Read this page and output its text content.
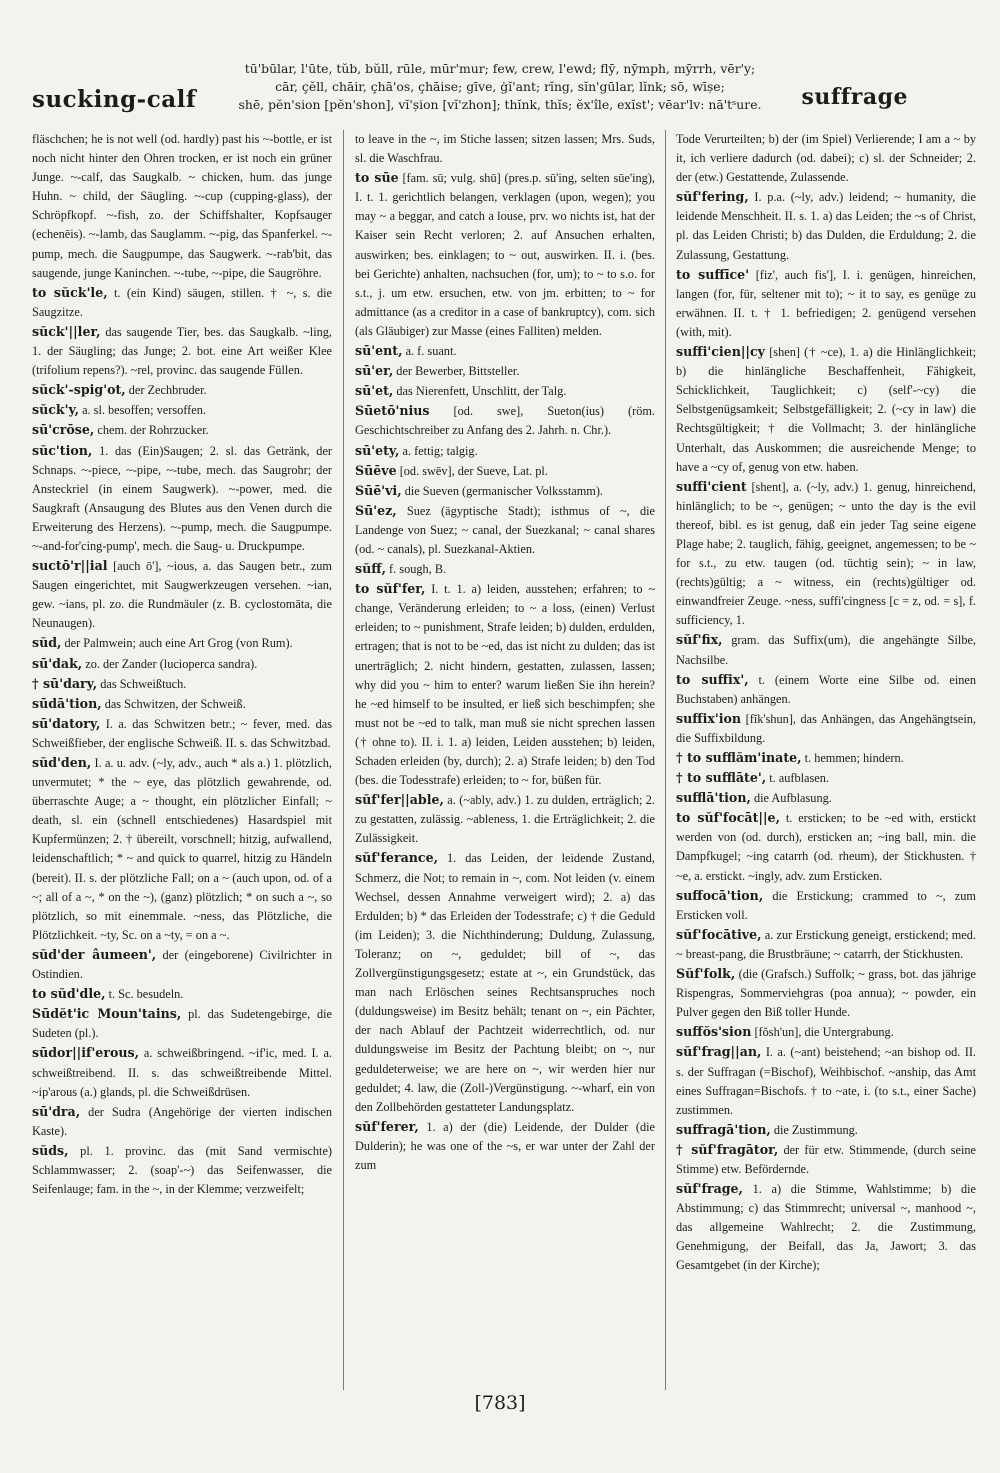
sucking-calf
tū'būlar, l'ūte, tŭb, bŭll, rūle, mūr'mur; few, crew, l'ewd; flȳ, nȳmph, mȳrrh, vēr'y;
cār, çĕll, chāir, çhā'os, çhāise; gīve, ġĭ'ant; rĭng, sĭn'gūlar, lĭnk; sō, wīșe;
shē, pĕn'sion [pĕn'shon], vĭ'șion [vĭ'zhon]; thĭnk, thĭs; ĕx'île, exĭst'; vēar'lv: nā'tˢure.	suffrage

fläschchen; he is not well (od. hardly) past his ~-bottle, er ist noch nicht hinter den Ohren trocken, er ist noch ein grüner Junge. ~-calf, das Saugkalb. ~ chicken, hum. das junge Huhn. ~ child, der Säugling. ~-cup (cupping-glass), der Schröpfkopf. ~-fish, zo. der Schiffshalter, Kopfsauger (echenēis). ~-lamb, das Sauglamm. ~-pig, das Spanferkel. ~-pump, mech. die Saugpumpe, das Saugwerk. ~-rab'bit, das saugende, junge Kaninchen. ~-tube, ~-pipe, die Saugröhre.

to sŭck'le, t. (ein Kind) säugen, stillen. † ~, s. die Saugzitze.

sŭck'||ler, das saugende Tier, bes. das Saugkalb. ~ling, 1. der Säugling; das Junge; 2. bot. eine Art weißer Klee (trifolium repens?). ~rel, provinc. das saugende Füllen.

sŭck'-spig'ot, der Zechbruder.

sŭck'y, a. sl. besoffen; versoffen.

sū'crōse, chem. der Rohrzucker.

sŭc'tion, 1. das (Ein)Saugen; 2. sl. das Getränk, der Schnaps. ~-piece, ~-pipe, ~-tube, mech. das Saugrohr; der Ansteckriel (in einem Saugwerk). ~-power, med. die Saugkraft (Ansaugung des Blutes aus den Venen durch die Erweiterung des Herzens). ~-pump, mech. die Saugpumpe. ~-and-for'cing-pump', mech. die Saug- u. Druckpumpe.

suctō'r||ial [auch ō'], ~ious, a. das Saugen betr., zum Saugen eingerichtet, mit Saugwerkzeugen versehen. ~ian, gew. ~ians, pl. zo. die Rundmäuler (z. B. cyclostomāta, die Neunaugen).

sŭd, der Palmwein; auch eine Art Grog (von Rum).

sū'dak, zo. der Zander (lucioperca sandra).

† sū'dary, das Schweißtuch.

sūdā'tion, das Schwitzen, der Schweiß.

sū'datory, I. a. das Schwitzen betr.; ~ fever, med. das Schweißfieber, der englische Schweiß. II. s. das Schwitzbad.

sŭd'den, I. a. u. adv. (~ly, adv., auch * als a.) 1. plötzlich, unvermutet; * the ~ eye, das plötzlich gewahrende, od. überraschte Auge; a ~ thought, ein plötzlicher Einfall; ~ death, sl. ein (schnell entschiedenes) Hasardspiel mit Kupfermünzen; 2. † übereilt, vorschnell; hitzig, aufwallend, leidenschaftlich; * ~ and quick to quarrel, hitzig zu Händeln (bereit). II. s. der plötzliche Fall; on a ~ (auch upon, od. of a ~; all of a ~, * on the ~), (ganz) plötzlich; * on such a ~, so plötzlich, so mit einemmale. ~ness, das Plötzliche, die Plötzlichkeit. ~ty, Sc. on a ~ty, = on a ~.

sŭd'der âumeen', der (eingeborene) Civilrichter in Ostindien.

to sŭd'dle, t. Sc. besudeln.

Sūdĕt'ic Moun'tains, pl. das Sudetengebirge, die Sudeten (pl.).

sūdor||if'erous, a. schweißbringend. ~if'ic, med. I. a. schweißtreibend. II. s. das schweißtreibende Mittel. ~ip'arous (a.) glands, pl. die Schweißdrüsen.

sū'dra, der Sudra (Angehörige der vierten indischen Kaste).

sŭds, pl. 1. provinc. das (mit Sand vermischte) Schlammwasser; 2. (soap'-~) das Seifenwasser, die Seifenlauge; fam. in the ~, in der Klemme; verzweifelt;

to leave in the ~, im Stiche lassen; sitzen lassen; Mrs. Suds, sl. die Waschfrau.

to sūe [fam. sū; vulg. shū] (pres.p. sū'ing, selten sūe'ing), I. t. 1. gerichtlich belangen, verklagen (upon, wegen); you may ~ a beggar, and catch a louse, prv. wo nichts ist, hat der Kaiser sein Recht verloren; 2. auf Ansuchen erhalten, auswirken; bes. einklagen; to ~ out, auswirken. II. i. (bes. bei Gerichte) anhalten, nachsuchen (for, um); to ~ to s.o. for s.t., j. um etw. ersuchen, etw. von jm. erbitten; to ~ for admittance (as a creditor in a case of bankruptcy), com. sich (als Gläubiger) zur Masse (eines Falliten) melden.

sū'ent, a. f. suant.

sū'er, der Bewerber, Bittsteller.

sū'et, das Nierenfett, Unschlitt, der Talg.

Sūetō'nius [od. swe], Sueton(ius) (röm. Geschichtschreiber zu Anfang des 2. Jahrh. n. Chr.).

sū'ety, a. fettig; talgig.

Sūēve [od. swēv], der Sueve, Lat. pl.

Sūē'vi, die Sueven (germanischer Volksstamm).

Sū'ez, Suez (ägyptische Stadt); isthmus of ~, die Landenge von Suez; ~ canal, der Suezkanal; ~ canal shares (od. ~ canals), pl. Suezkanal-Aktien.

sŭff, f. sough, B.

to sŭf'fer, I. t. 1. a) leiden, ausstehen; erfahren; to ~ change, Veränderung erleiden; to ~ a loss, (einen) Verlust erleiden; to ~ punishment, Strafe leiden; b) dulden, erdulden, ertragen; that is not to be ~ed, das ist nicht zu dulden; das ist unerträglich; 2. nicht hindern, gestatten, zulassen, lassen; why did you ~ him to enter? warum ließen Sie ihn herein? he ~ed himself to be insulted, er ließ sich beschimpfen; she must not be ~ed to talk, man muß sie nicht sprechen lassen († ohne to). II. i. 1. a) leiden, Leiden ausstehen; b) leiden, Schaden erleiden (by, durch); 2. a) Strafe leiden; b) den Tod (bes. die Todesstrafe) erleiden; to ~ for, büßen für.

sŭf'fer||able, a. (~ably, adv.) 1. zu dulden, erträglich; 2. zu gestatten, zulässig. ~ableness, 1. die Erträglichkeit; 2. die Zulässigkeit.

sŭf'ferance, 1. das Leiden, der leidende Zustand, Schmerz, die Not; to remain in ~, com. Not leiden (v. einem Wechsel, dessen Annahme verweigert wird); 2. a) das Erdulden; b) * das Erleiden der Todesstrafe; c) † die Geduld (im Leiden); 3. die Nichthinderung; Duldung, Zulassung, Toleranz; on ~, geduldet; bill of ~, das Zollvergünstigungsgesetz; estate at ~, ein Grundstück, das man nach Erlöschen seines Rechtsanspruches noch (duldungsweise) im Besitz behält; tenant on ~, ein Pächter, der nach Ablauf der Pachtzeit widerrechtlich, od. nur duldungsweise im Besitz der Pachtung bleibt; on ~, nur geduldeterweise; we are here on ~, wir werden hier nur geduldet; 4. law, die (Zoll-)Vergünstigung. ~-wharf, ein von den Zollbehörden gestatteter Landungsplatz.

sŭf'ferer, 1. a) der (die) Leidende, der Dulder (die Dulderin); he was one of the ~s, er war unter der Zahl der zum

Tode Verurteilten; b) der (im Spiel) Verlierende; I am a ~ by it, ich verliere dadurch (od. dabei); c) sl. der Schneider; 2. der (etw.) Gestattende, Zulassende.

sŭf'fering, I. p.a. (~ly, adv.) leidend; ~ humanity, die leidende Menschheit. II. s. 1. a) das Leiden; the ~s of Christ, pl. das Leiden Christi; b) das Dulden, die Erduldung; 2. die Zulassung, Gestattung.

to suffīce' [fiz', auch fis'], I. i. genügen, hinreichen, langen (for, für, seltener mit to); ~ it to say, es genüge zu erwähnen. II. t. † 1. befriedigen; 2. genügend versehen (with, mit).

suffi'cien||cy [shen] († ~ce), 1. a) die Hinlänglichkeit; b) die hinlängliche Beschaffenheit, Fähigkeit, Schicklichkeit, Tauglichkeit; c) (self'-~cy) die Selbstgenügsamkeit; Selbstgefälligkeit; 2. (~cy in law) die Rechtsgültigkeit; † die Vollmacht; 3. der hinlängliche Unterhalt, das Auskommen; die ausreichende Menge; to have a ~cy of, genug von etw. haben.

suffi'cient [shent], a. (~ly, adv.) 1. genug, hinreichend, hinlänglich; to be ~, genügen; ~ unto the day is the evil thereof, bibl. es ist genug, daß ein jeder Tag seine eigene Plage habe; 2. tauglich, fähig, geeignet, angemessen; to be ~ for s.t., zu etw. taugen (od. tüchtig sein); ~ in law, (rechts)gültig; a ~ witness, ein (rechts)gültiger od. einwandfreier Zeuge. ~ness, suffi'cingness [c = z, od. = s], f. sufficiency, 1.

sŭf'fix, gram. das Suffix(um), die angehängte Silbe, Nachsilbe.

to suffix', t. (einem Worte eine Silbe od. einen Buchstaben) anhängen.

suffix'ion [fĭk'shun], das Anhängen, das Angehängtsein, die Suffixbildung.

† to sufflăm'inate, t. hemmen; hindern.

† to sufflāte', t. aufblasen.

sufflā'tion, die Aufblasung.

to sŭf'focāt||e, t. ersticken; to be ~ed with, erstickt werden von (od. durch), ersticken an; ~ing ball, min. die Dampfkugel; ~ing catarrh (od. rheum), der Stickhusten. † ~e, a. erstickt. ~ingly, adv. zum Ersticken.

suffocā'tion, die Erstickung; crammed to ~, zum Ersticken voll.

sŭf'focātive, a. zur Erstickung geneigt, erstickend; med. ~ breast-pang, die Brustbräune; ~ catarrh, der Stickhusten.

Sŭf'folk, (die (Grafsch.) Suffolk; ~ grass, bot. das jährige Rispengras, Sommerviehgras (poa annua); ~ powder, ein Pulver gegen den Biß toller Hunde.

suffŏs'sion [fŏsh'un], die Untergrabung.

sŭf'frag||an, I. a. (~ant) beistehend; ~an bishop od. II. s. der Suffragan (=Bischof), Weihbischof. ~anship, das Amt eines Suffragan=Bischofs. † to ~ate, i. (to s.t., einer Sache) zustimmen.

suffragā'tion, die Zustimmung.

† sŭf'fragātor, der für etw. Stimmende, (durch seine Stimme) etw. Befördernde.

sŭf'frage, 1. a) die Stimme, Wahlstimme; b) die Abstimmung; c) das Stimmrecht; universal ~, manhood ~, das allgemeine Wahlrecht; 2. die Zustimmung, Genehmigung, der Beifall, das Ja, Jawort; 3. das Gesamtgebet (in der Kirche);

[783]
